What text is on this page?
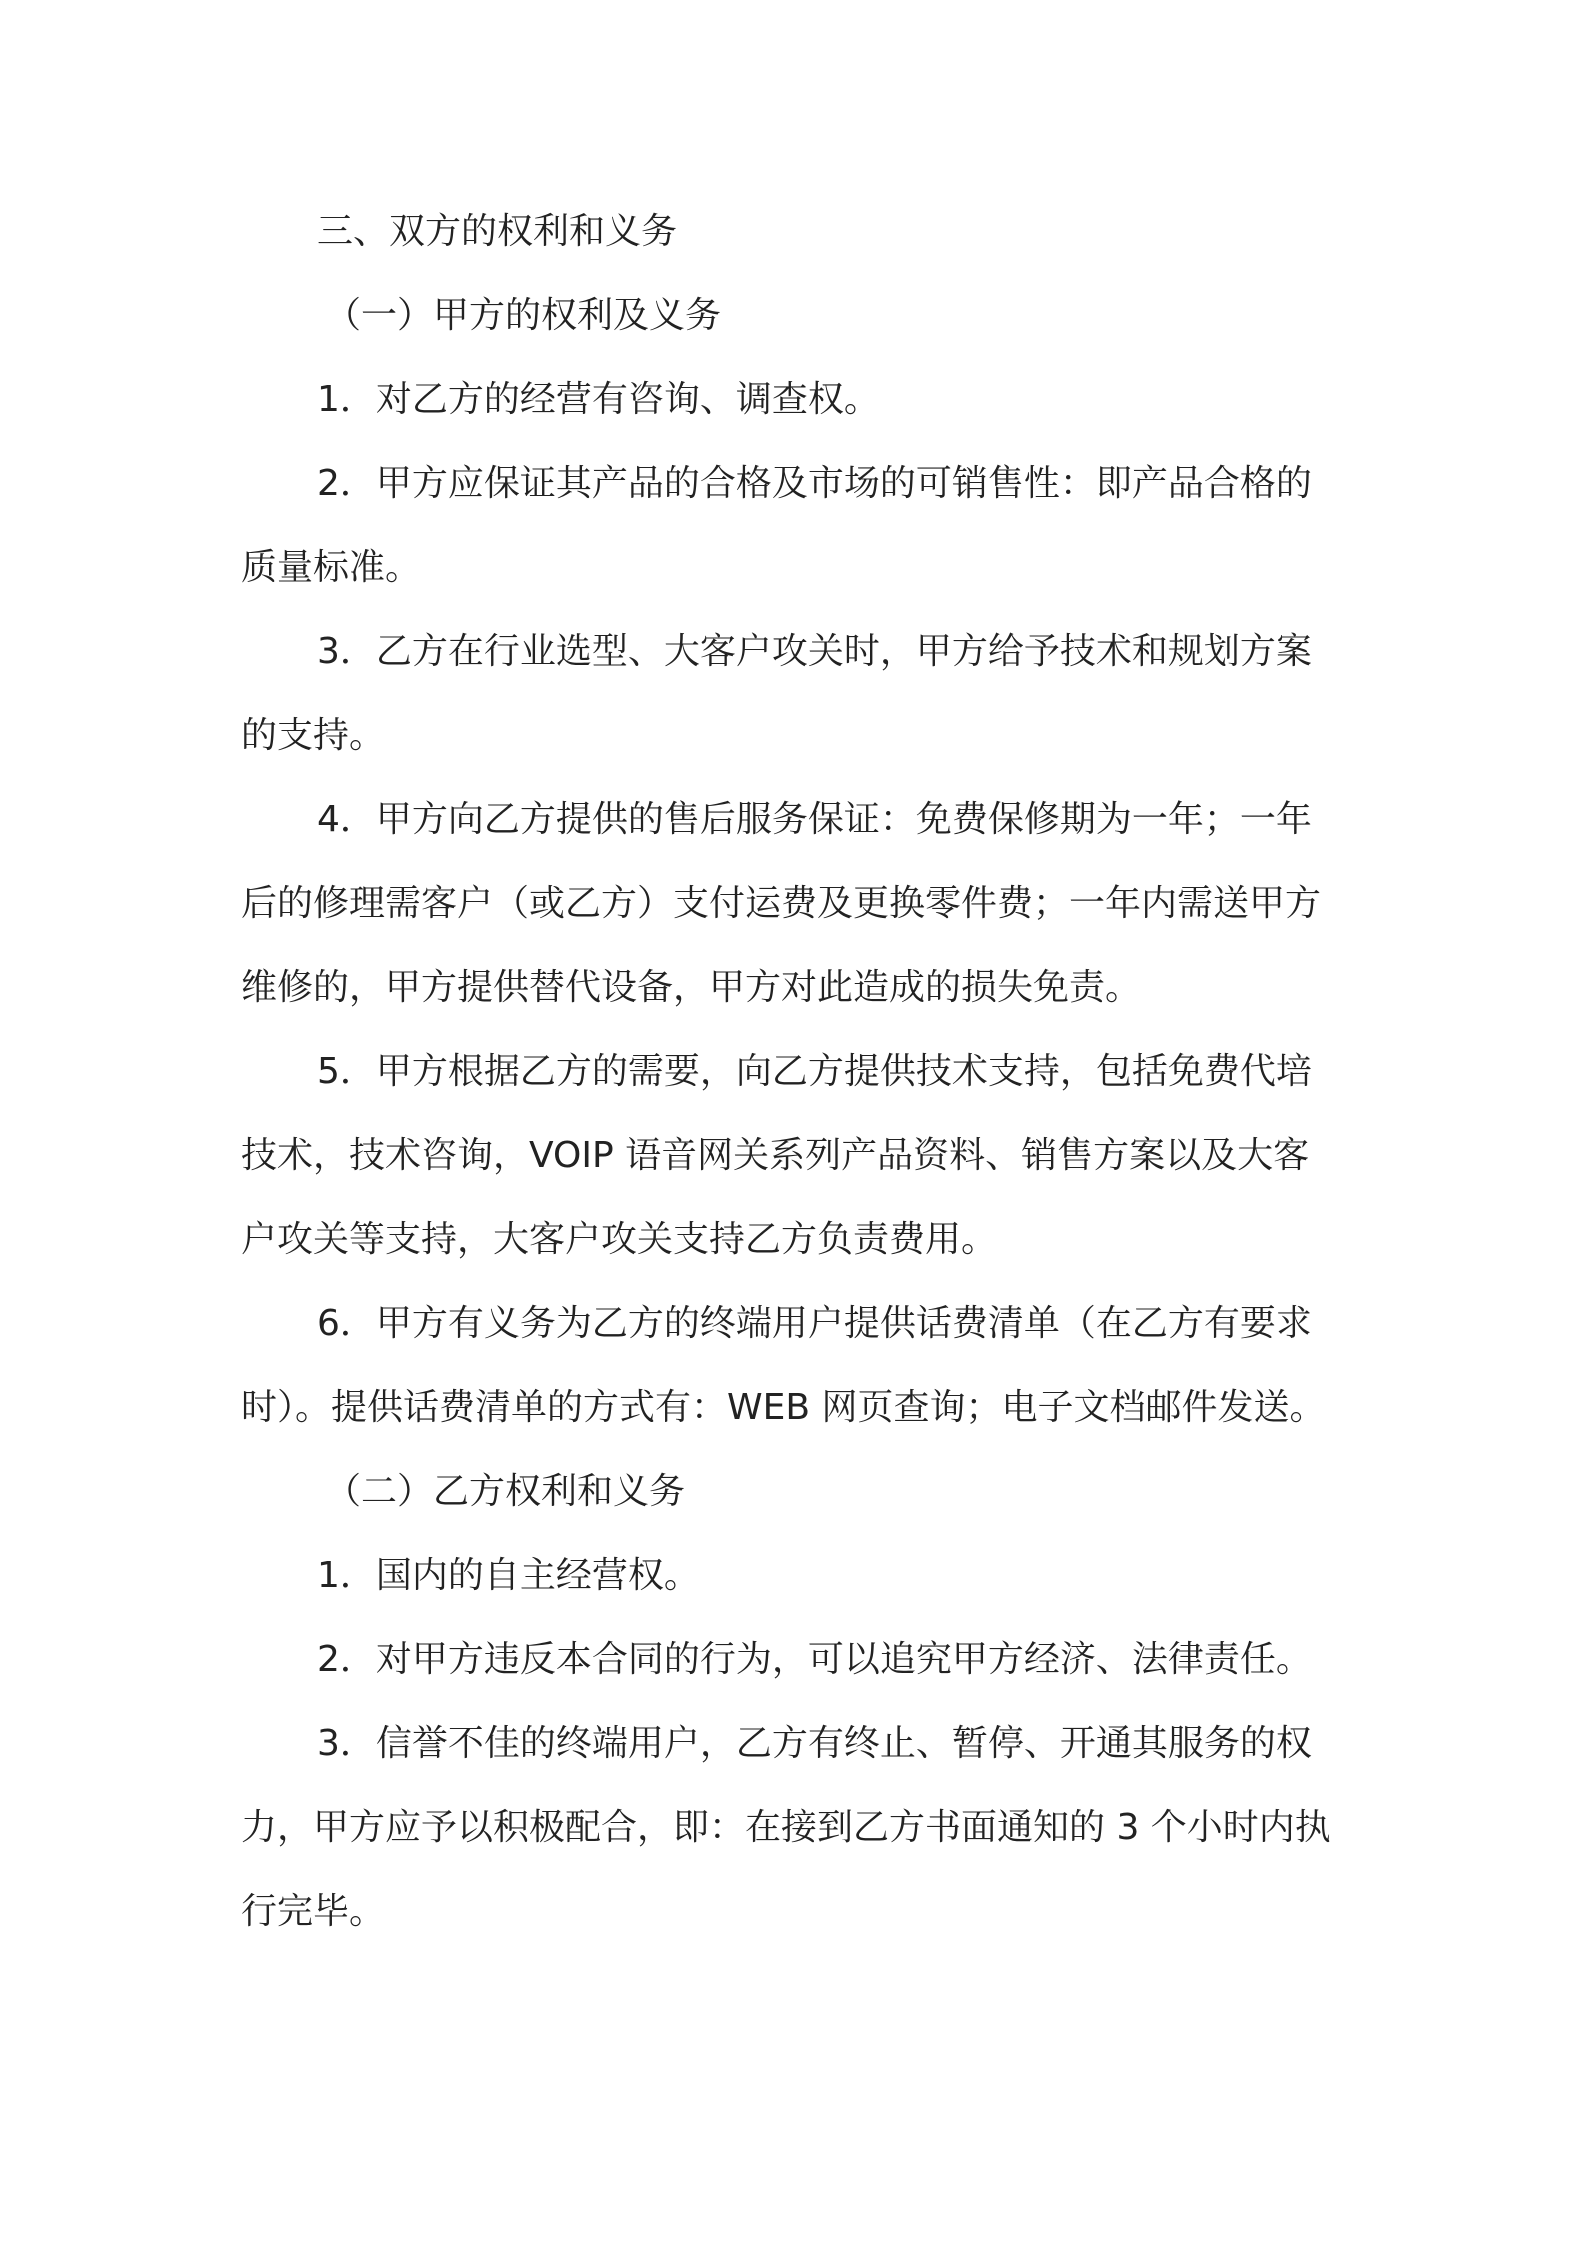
三、双方的权利和义务

（一）甲方的权利及义务

1．对乙方的经营有咨询、调查权。

2．甲方应保证其产品的合格及市场的可销售性：即产品合格的

质量标准。

3．乙方在行业选型、大客户攻关时，甲方给予技术和规划方案

的支持。

4．甲方向乙方提供的售后服务保证：免费保修期为一年；一年

后的修理需客户（或乙方）支付运费及更换零件费；一年内需送甲方

维修的，甲方提供替代设备，甲方对此造成的损失免责。

5．甲方根据乙方的需要，向乙方提供技术支持，包括免费代培

技术，技术咨询，VOIP 语音网关系列产品资料、销售方案以及大客

户攻关等支持，大客户攻关支持乙方负责费用。

6．甲方有义务为乙方的终端用户提供话费清单（在乙方有要求

时）。提供话费清单的方式有：WEB 网页查询；电子文档邮件发送。

（二）乙方权利和义务

1．国内的自主经营权。

2．对甲方违反本合同的行为，可以追究甲方经济、法律责任。

3．信誉不佳的终端用户，乙方有终止、暂停、开通其服务的权

力，甲方应予以积极配合，即：在接到乙方书面通知的 3 个小时内执

行完毕。
